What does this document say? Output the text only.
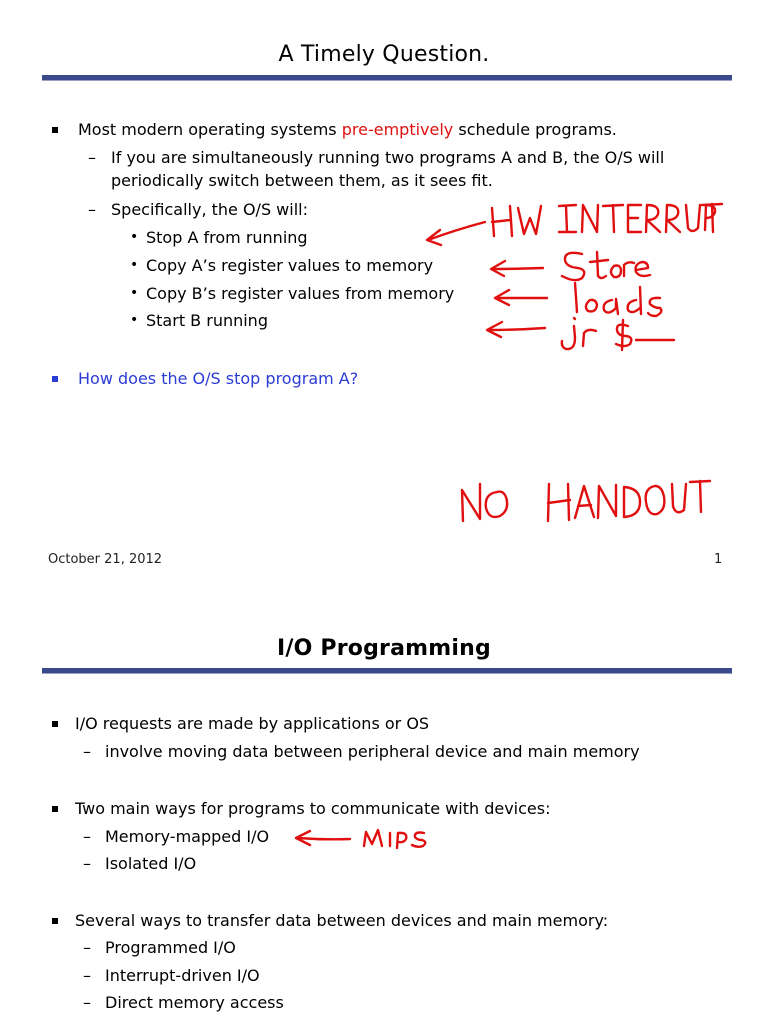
A Timely Question.
Most modern operating systems pre-emptively schedule programs.
– If you are simultaneously running two programs A and B, the O/S will
periodically switch between them, as it sees fit.
– Specifically, the O/S will:
• Stop A from running
• Copy A’s register values to memory
• Copy B’s register values from memory
• Start B running
How does the O/S stop program A?
October 21, 2012	1
I/O Programming
I/O requests are made by applications or OS
– involve moving data between peripheral device and main memory
Two main ways for programs to communicate with devices:
– Memory-mapped I/O
– Isolated I/O
Several ways to transfer data between devices and main memory:
– Programmed I/O
– Interrupt-driven I/O
– Direct memory access
